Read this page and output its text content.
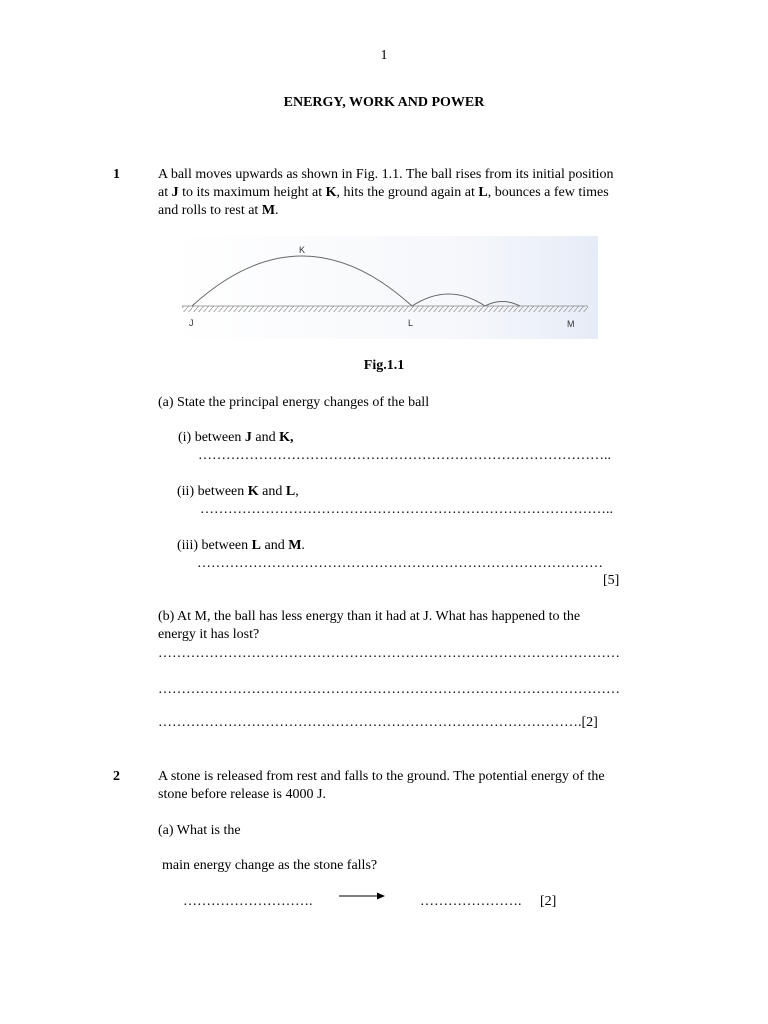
1
ENERGY, WORK AND POWER
1	A ball moves upwards as shown in Fig. 1.1. The ball rises from its initial position
at J to its maximum height at K, hits the ground again at L, bounces a few times
and rolls to rest at M.
J
K
L	M
Fig.1.1
(a) State the principal energy changes of the ball
(i) between J and K,
……………………………………………………………………………..
(ii) between K and L,
……………………………………………………………………………..
(iii) between L and M.
……………………………………………………………………………
[5]
(b) At M, the ball has less energy than it had at J. What has happened to the
energy it has lost?
………………………………………………………………………………………
………………………………………………………………………………………
……………………………………………………………………………….[2]
2	A stone is released from rest and falls to the ground. The potential energy of the
stone before release is 4000 J.
(a) What is the
main energy change as the stone falls?
……………………….	…………………. [2]
